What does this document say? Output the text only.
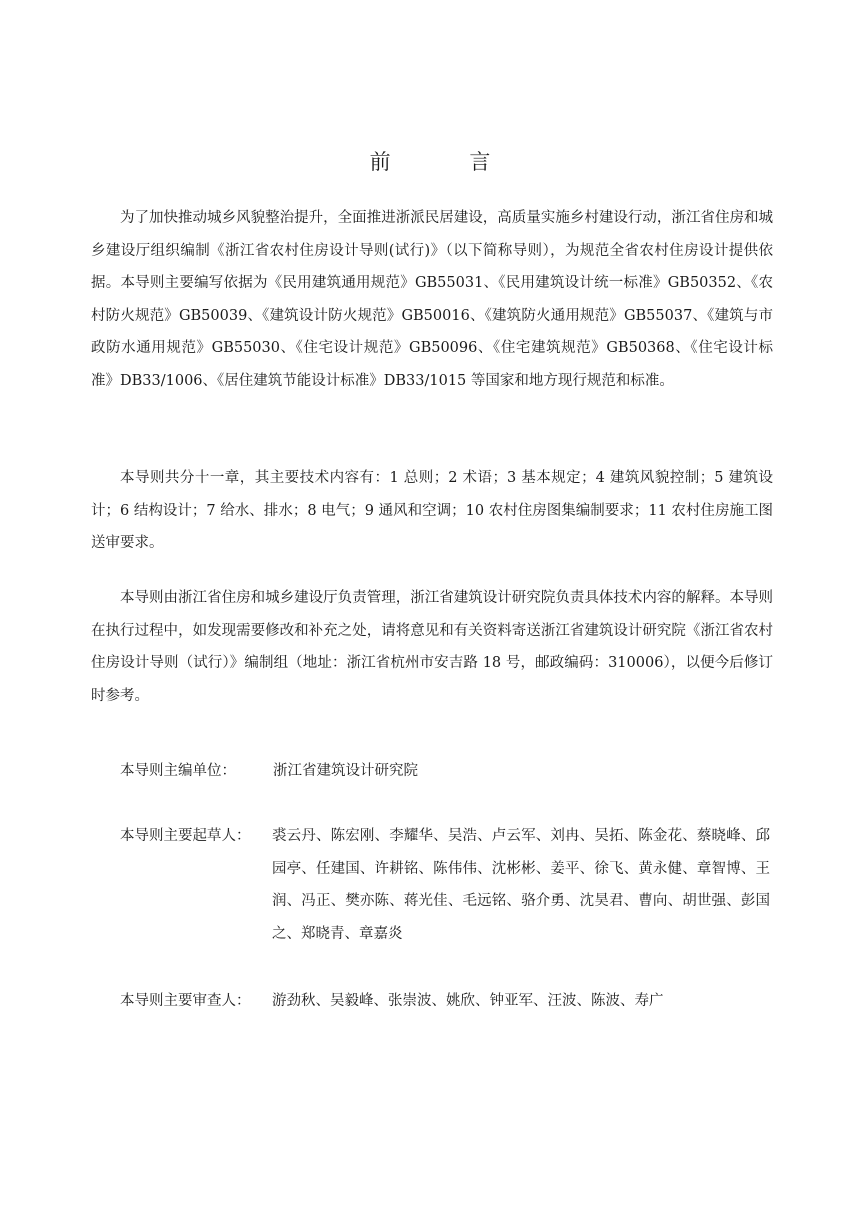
前 言

为了加快推动城乡风貌整治提升，全面推进浙派民居建设，高质量实施乡村建设行动，浙江省住房和城乡建设厅组织编制《浙江省农村住房设计导则(试行)》（以下简称导则），为规范全省农村住房设计提供依据。本导则主要编写依据为《民用建筑通用规范》GB55031、《民用建筑设计统一标准》GB50352、《农村防火规范》GB50039、《建筑设计防火规范》GB50016、《建筑防火通用规范》GB55037、《建筑与市政防水通用规范》GB55030、《住宅设计规范》GB50096、《住宅建筑规范》GB50368、《住宅设计标准》DB33/1006、《居住建筑节能设计标准》DB33/1015 等国家和地方现行规范和标准。

本导则共分十一章，其主要技术内容有：1 总则；2 术语；3 基本规定；4 建筑风貌控制；5 建筑设计；6 结构设计；7 给水、排水；8 电气；9 通风和空调；10 农村住房图集编制要求；11 农村住房施工图送审要求。

本导则由浙江省住房和城乡建设厅负责管理，浙江省建筑设计研究院负责具体技术内容的解释。本导则在执行过程中，如发现需要修改和补充之处，请将意见和有关资料寄送浙江省建筑设计研究院《浙江省农村住房设计导则（试行）》编制组（地址：浙江省杭州市安吉路 18 号，邮政编码：310006），以便今后修订时参考。

本导则主编单位：	浙江省建筑设计研究院
本导则主要起草人： 裘云丹、陈宏刚、李耀华、吴浩、卢云军、刘冉、吴拓、陈金花、蔡晓峰、邱园亭、任建国、许耕铭、陈伟伟、沈彬彬、姜平、徐飞、黄永健、章智博、王润、冯正、樊亦陈、蒋光佳、毛远铭、骆介勇、沈昊君、曹向、胡世强、彭国之、郑晓青、章嘉炎
本导则主要审查人： 游劲秋、吴毅峰、张崇波、姚欣、钟亚军、汪波、陈波、寿广
